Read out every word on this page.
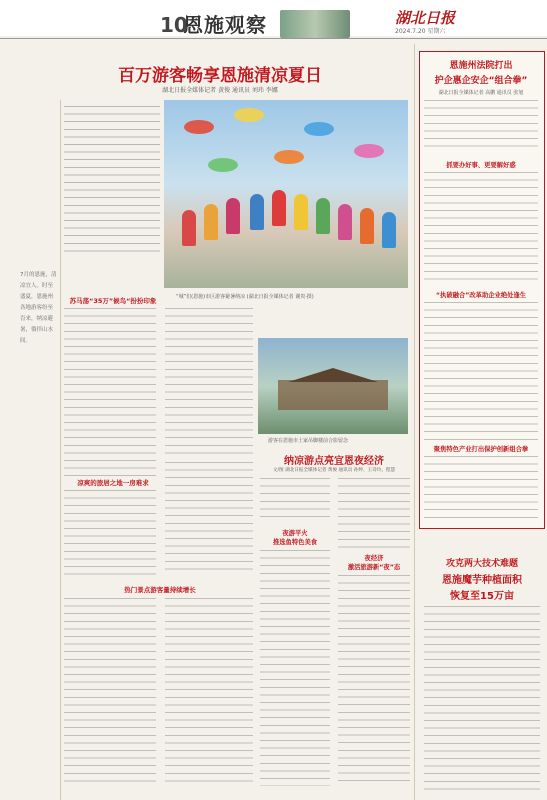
10
恩施观察	湖北日报
2024.7.20 星期六
百万游客畅享恩施清凉夏日
湖北日报全媒体记者 黄俊 通讯员 刘玮 李娜
7月的恩施，清凉宜人。时至盛夏，恩施州各地游客纷至沓来，纳凉避暑，徜徉山水间。
“城”们(恩施)市区游客避暑纳凉 (湖北日报全媒体记者 谢贵·摄)
苏马荡“35万”候鸟“扮扮印象
凉爽的旅居之地一房难求
热门景点游客量持续增长
游客在恩施市土家吊脚楼前合影留念
纳凉游点亮宜恩夜经济
文/图 湖北日报全媒体记者 黄俊 通讯员 孙婷、王诗玲、程慧
夜游平火
推选鱼特色美食
夜经济
激活旅游新“夜”态
恩施州法院打出
护企惠企安企“组合拳”
湖北日报全媒体记者 高鹏 通讯员 张旭
抓要办好事、更要解好惑
“执破融合”改革助企业绝处逢生
聚焦特色产业打出保护创新组合拳
攻克两大技术难题
恩施魔芋种植面积
恢复至15万亩
